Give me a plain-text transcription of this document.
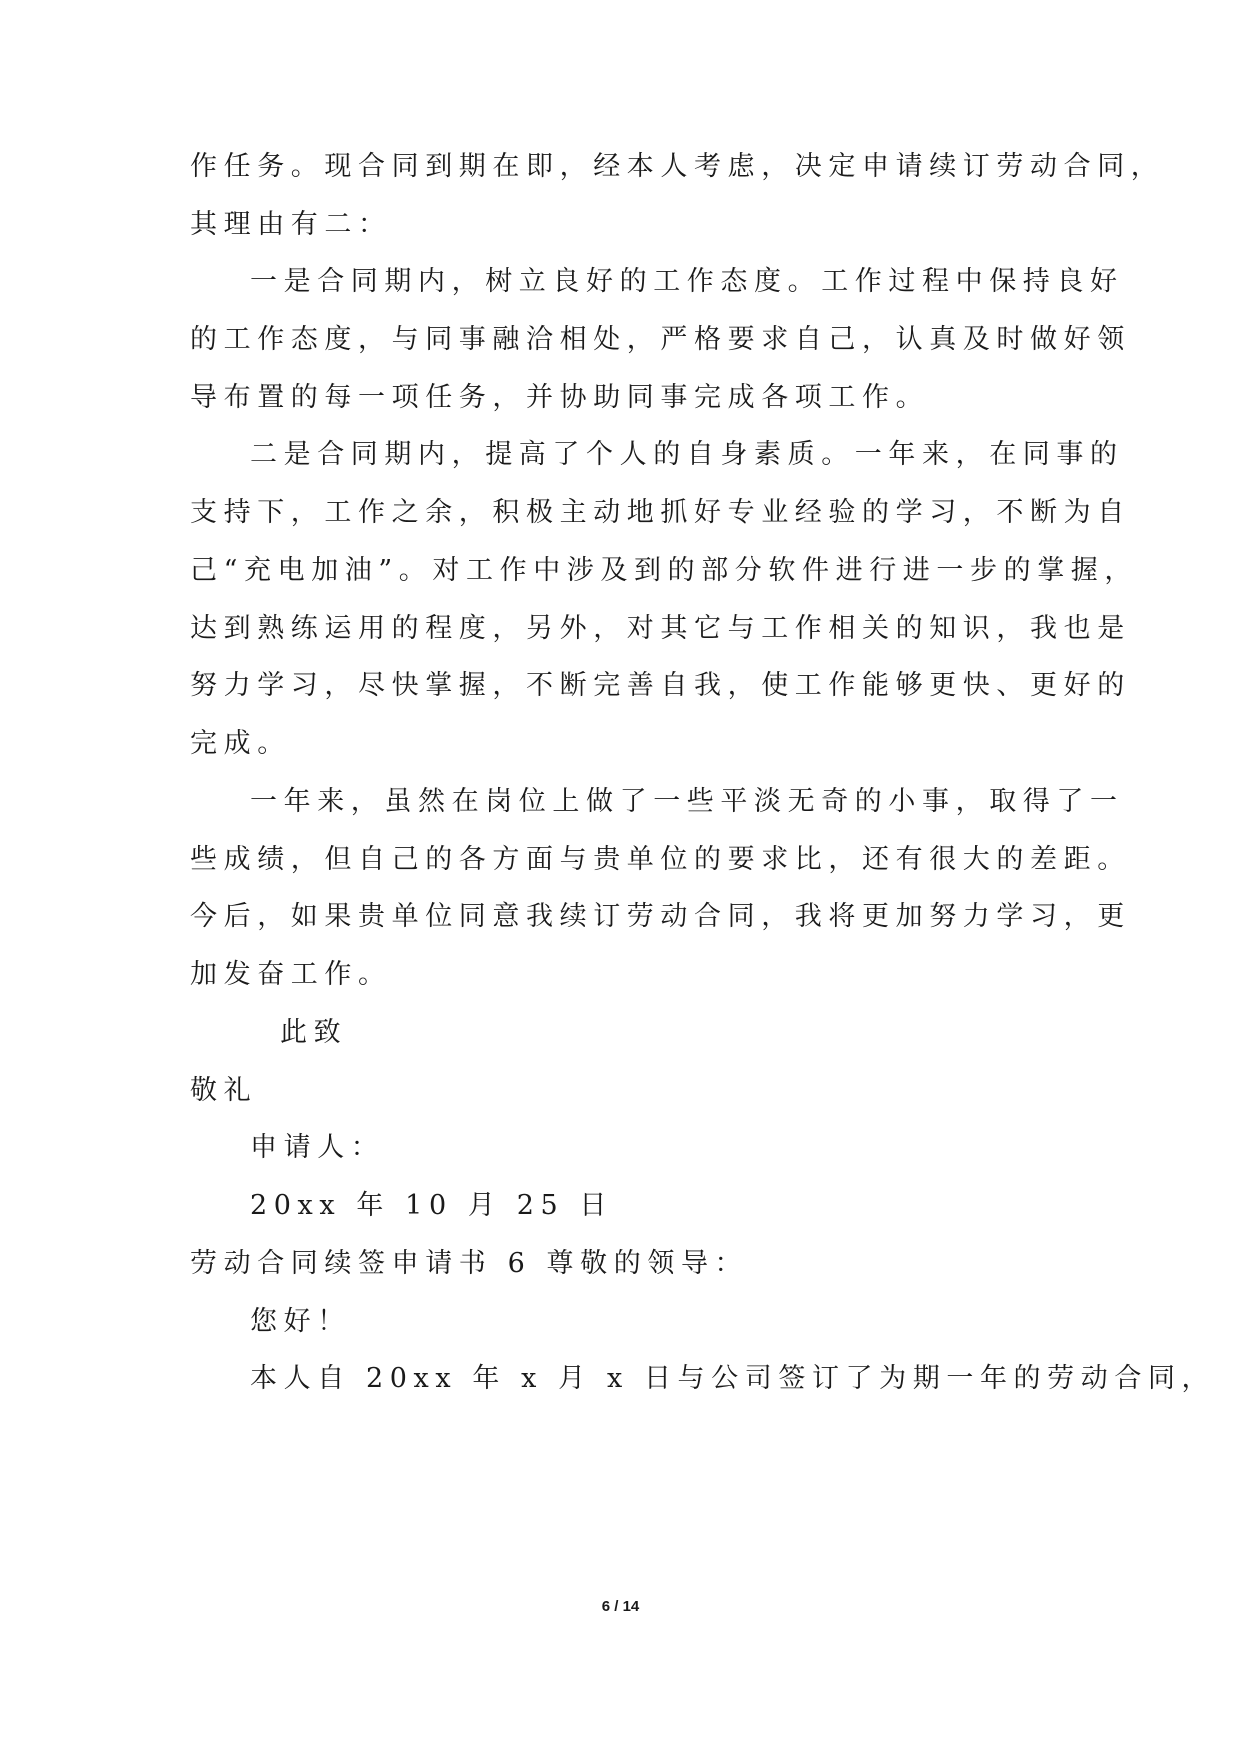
作任务。现合同到期在即，经本人考虑，决定申请续订劳动合同，

其理由有二：

一是合同期内，树立良好的工作态度。工作过程中保持良好

的工作态度，与同事融洽相处，严格要求自己，认真及时做好领

导布置的每一项任务，并协助同事完成各项工作。

二是合同期内，提高了个人的自身素质。一年来，在同事的

支持下，工作之余，积极主动地抓好专业经验的学习，不断为自

己“充电加油”。对工作中涉及到的部分软件进行进一步的掌握，

达到熟练运用的程度，另外，对其它与工作相关的知识，我也是

努力学习，尽快掌握，不断完善自我，使工作能够更快、更好的

完成。

一年来，虽然在岗位上做了一些平淡无奇的小事，取得了一

些成绩，但自己的各方面与贵单位的要求比，还有很大的差距。

今后，如果贵单位同意我续订劳动合同，我将更加努力学习，更

加发奋工作。

此致

敬礼

申请人：

20xx 年 10 月 25 日

劳动合同续签申请书 6 尊敬的领导：

您好！

本人自 20xx 年 x 月 x 日与公司签订了为期一年的劳动合同，

6 / 14
